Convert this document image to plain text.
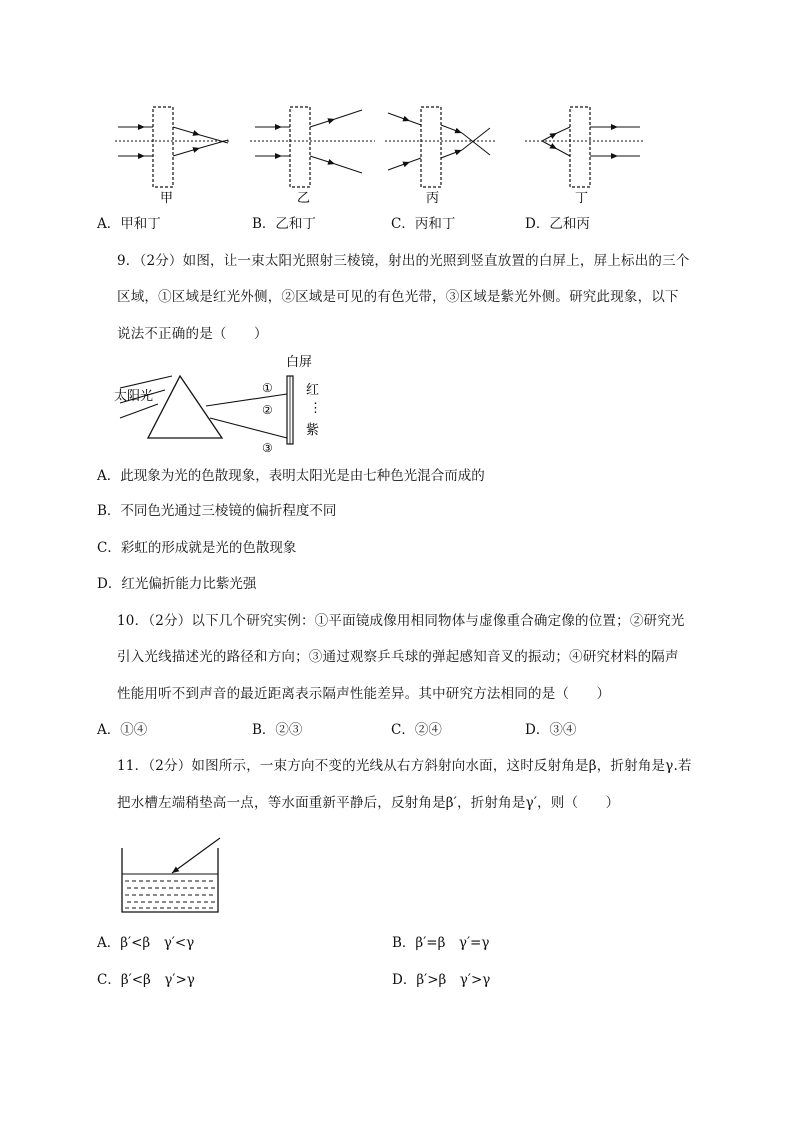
甲	乙	丙	丁
A．甲和丁	B．乙和丁	C．丙和丁	D．乙和丙
9．（2分）如图，让一束太阳光照射三棱镜，射出的光照到竖直放置的白屏上，屏上标出的三个
区域，①区域是红光外侧，②区域是可见的有色光带，③区域是紫光外侧。研究此现象，以下
说法不正确的是（　　）
太阳光
白屏
红
⋮
紫
①
②
③
A．此现象为光的色散现象，表明太阳光是由七种色光混合而成的
B．不同色光通过三棱镜的偏折程度不同
C．彩虹的形成就是光的色散现象
D．红光偏折能力比紫光强
10．（2分）以下几个研究实例：①平面镜成像用相同物体与虚像重合确定像的位置；②研究光
引入光线描述光的路径和方向；③通过观察乒乓球的弹起感知音叉的振动；④研究材料的隔声
性能用听不到声音的最近距离表示隔声性能差异。其中研究方法相同的是（　　）
A．①④	B．②③	C．②④	D．③④
11．（2分）如图所示，一束方向不变的光线从右方斜射向水面，这时反射角是β，折射角是γ.若
把水槽左端稍垫高一点，等水面重新平静后，反射角是β′，折射角是γ′，则（　　）
A．β′<β　γ′<γ	B．β′=β　γ′=γ
C．β′<β　γ′>γ	D．β′>β　γ′>γ
